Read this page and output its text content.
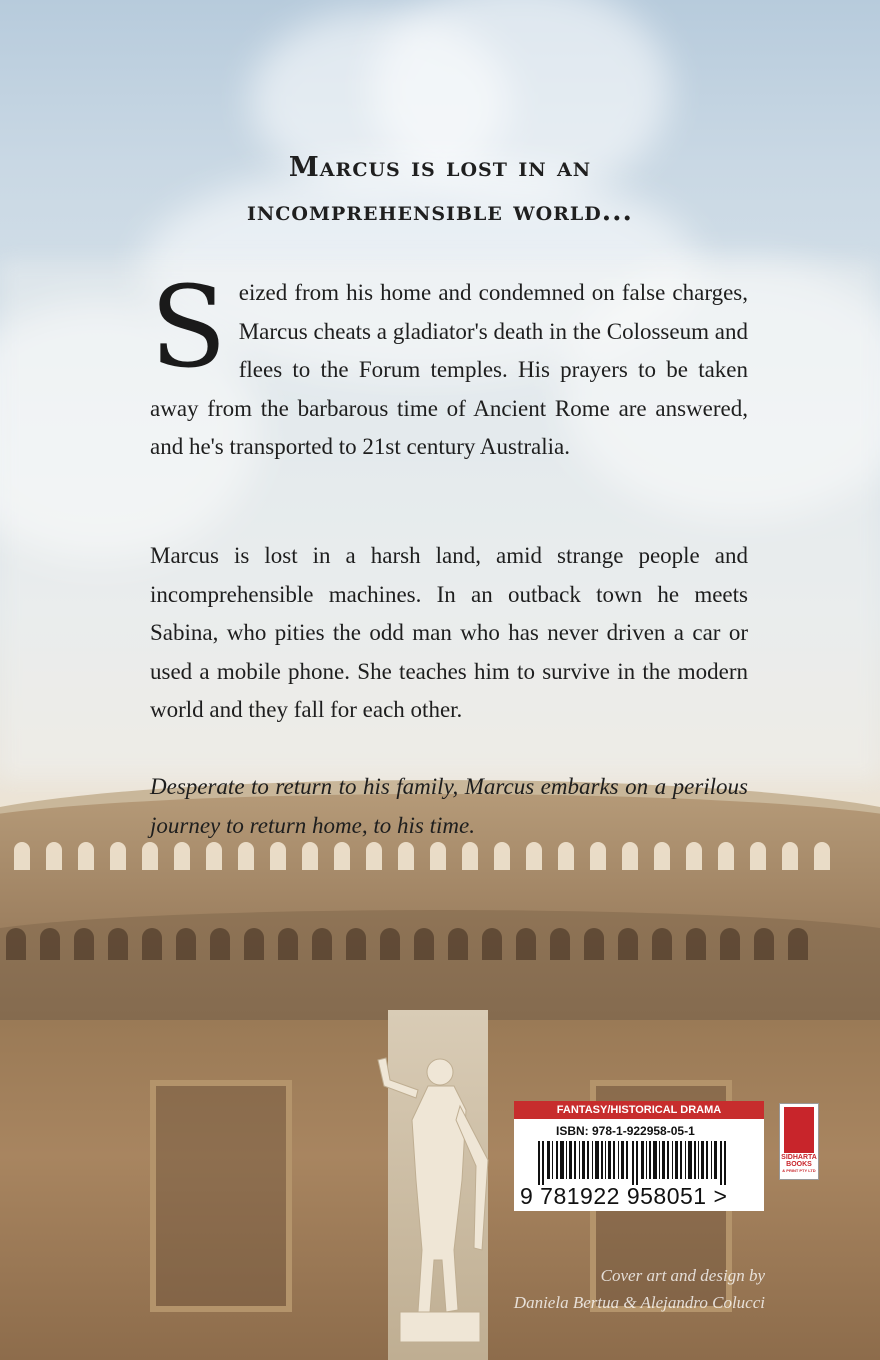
Marcus is lost in an
incomprehensible world...
Seized from his home and condemned on false charges, Marcus cheats a gladiator's death in the Colosseum and flees to the Forum temples. His prayers to be taken away from the barbarous time of Ancient Rome are answered, and he's transported to 21st century Australia.
Marcus is lost in a harsh land, amid strange people and incomprehensible machines. In an outback town he meets Sabina, who pities the odd man who has never driven a car or used a mobile phone. She teaches him to survive in the modern world and they fall for each other.
Desperate to return to his family, Marcus embarks on a perilous journey to return home, to his time.
FANTASY/HISTORICAL DRAMA
ISBN: 978-1-922958-05-1
9 781922 958051 >
SIDHARTA
BOOKS
& PRINT PTY LTD
Cover art and design by
Daniela Bertua & Alejandro Colucci
